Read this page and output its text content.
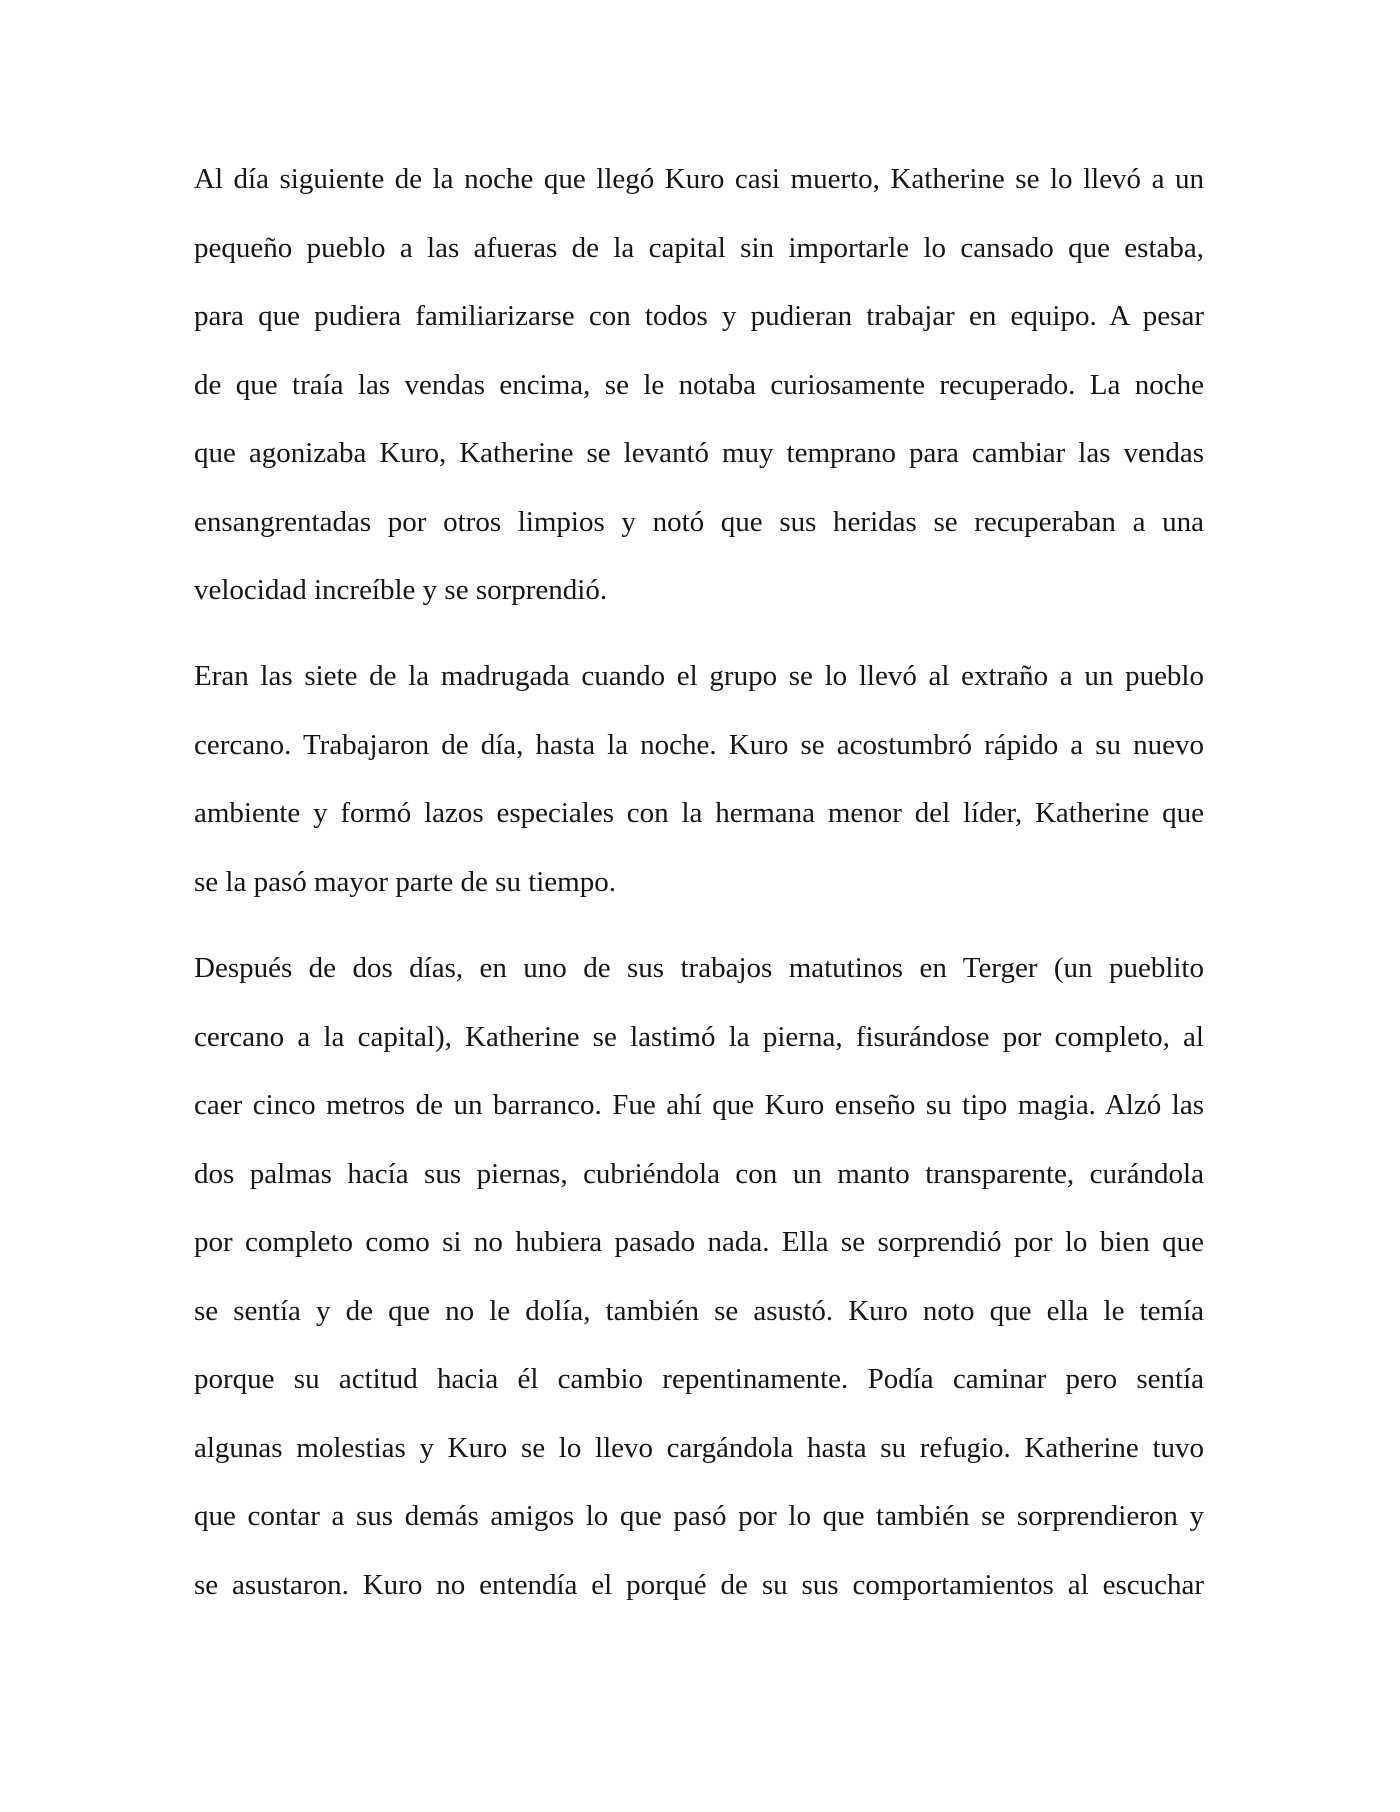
Al día siguiente de la noche que llegó Kuro casi muerto, Katherine se lo llevó a un
pequeño pueblo a las afueras de la capital sin importarle lo cansado que estaba,
para que pudiera familiarizarse con todos y pudieran trabajar en equipo. A pesar
de que traía las vendas encima, se le notaba curiosamente recuperado. La noche
que agonizaba Kuro, Katherine se levantó muy temprano para cambiar las vendas
ensangrentadas por otros limpios y notó que sus heridas se recuperaban a una
velocidad increíble y se sorprendió.
Eran las siete de la madrugada cuando el grupo se lo llevó al extraño a un pueblo
cercano. Trabajaron de día, hasta la noche. Kuro se acostumbró rápido a su nuevo
ambiente y formó lazos especiales con la hermana menor del líder, Katherine que
se la pasó mayor parte de su tiempo.
Después de dos días, en uno de sus trabajos matutinos en Terger (un pueblito
cercano a la capital), Katherine se lastimó la pierna, fisurándose por completo, al
caer cinco metros de un barranco. Fue ahí que Kuro enseño su tipo magia. Alzó las
dos palmas hacía sus piernas, cubriéndola con un manto transparente, curándola
por completo como si no hubiera pasado nada. Ella se sorprendió por lo bien que
se sentía y de que no le dolía, también se asustó. Kuro noto que ella le temía
porque su actitud hacia él cambio repentinamente. Podía caminar pero sentía
algunas molestias y Kuro se lo llevo cargándola hasta su refugio. Katherine tuvo
que contar a sus demás amigos lo que pasó por lo que también se sorprendieron y
se asustaron. Kuro no entendía el porqué de su sus comportamientos al escuchar
